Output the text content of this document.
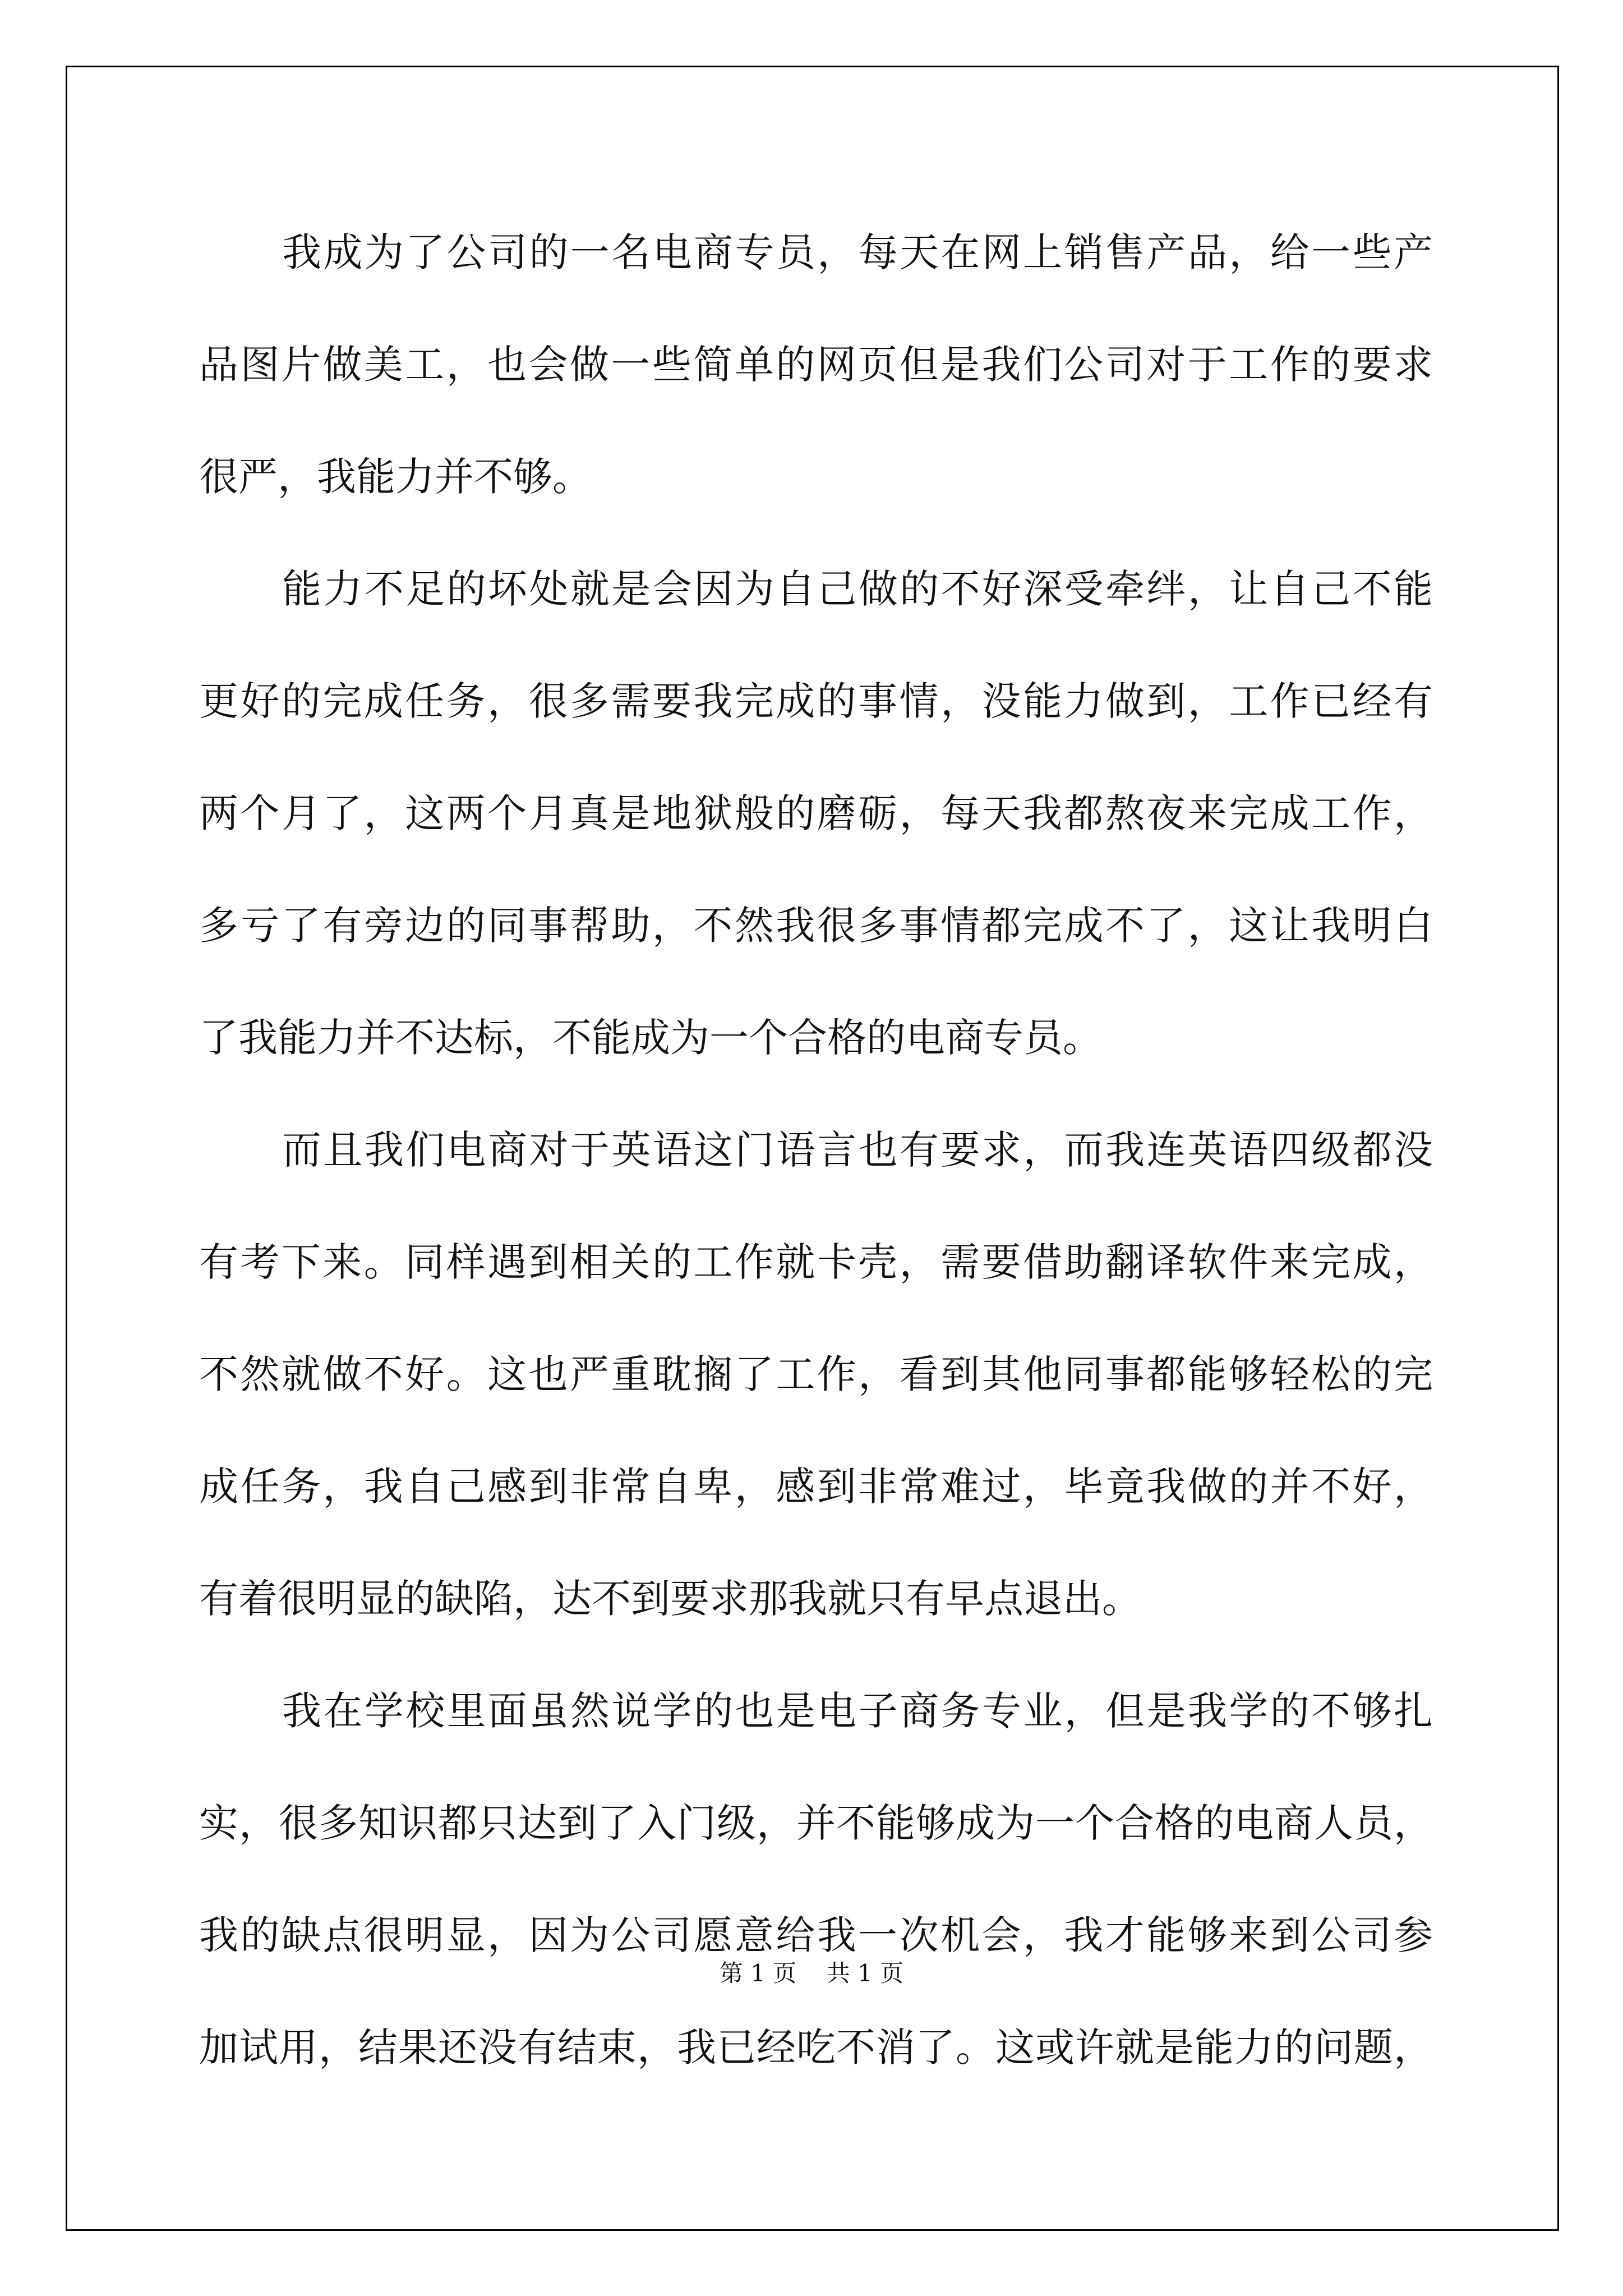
我成为了公司的一名电商专员，每天在网上销售产品，给一些产
品图片做美工，也会做一些简单的网页但是我们公司对于工作的要求
很严，我能力并不够。
能力不足的坏处就是会因为自己做的不好深受牵绊，让自己不能
更好的完成任务，很多需要我完成的事情，没能力做到，工作已经有
两个月了，这两个月真是地狱般的磨砺，每天我都熬夜来完成工作，
多亏了有旁边的同事帮助，不然我很多事情都完成不了，这让我明白
了我能力并不达标，不能成为一个合格的电商专员。
而且我们电商对于英语这门语言也有要求，而我连英语四级都没
有考下来。同样遇到相关的工作就卡壳，需要借助翻译软件来完成，
不然就做不好。这也严重耽搁了工作，看到其他同事都能够轻松的完
成任务，我自己感到非常自卑，感到非常难过，毕竟我做的并不好，
有着很明显的缺陷，达不到要求那我就只有早点退出。
我在学校里面虽然说学的也是电子商务专业，但是我学的不够扎
实，很多知识都只达到了入门级，并不能够成为一个合格的电商人员，
我的缺点很明显，因为公司愿意给我一次机会，我才能够来到公司参
加试用，结果还没有结束，我已经吃不消了。这或许就是能力的问题，
第 1 页    共 1 页
